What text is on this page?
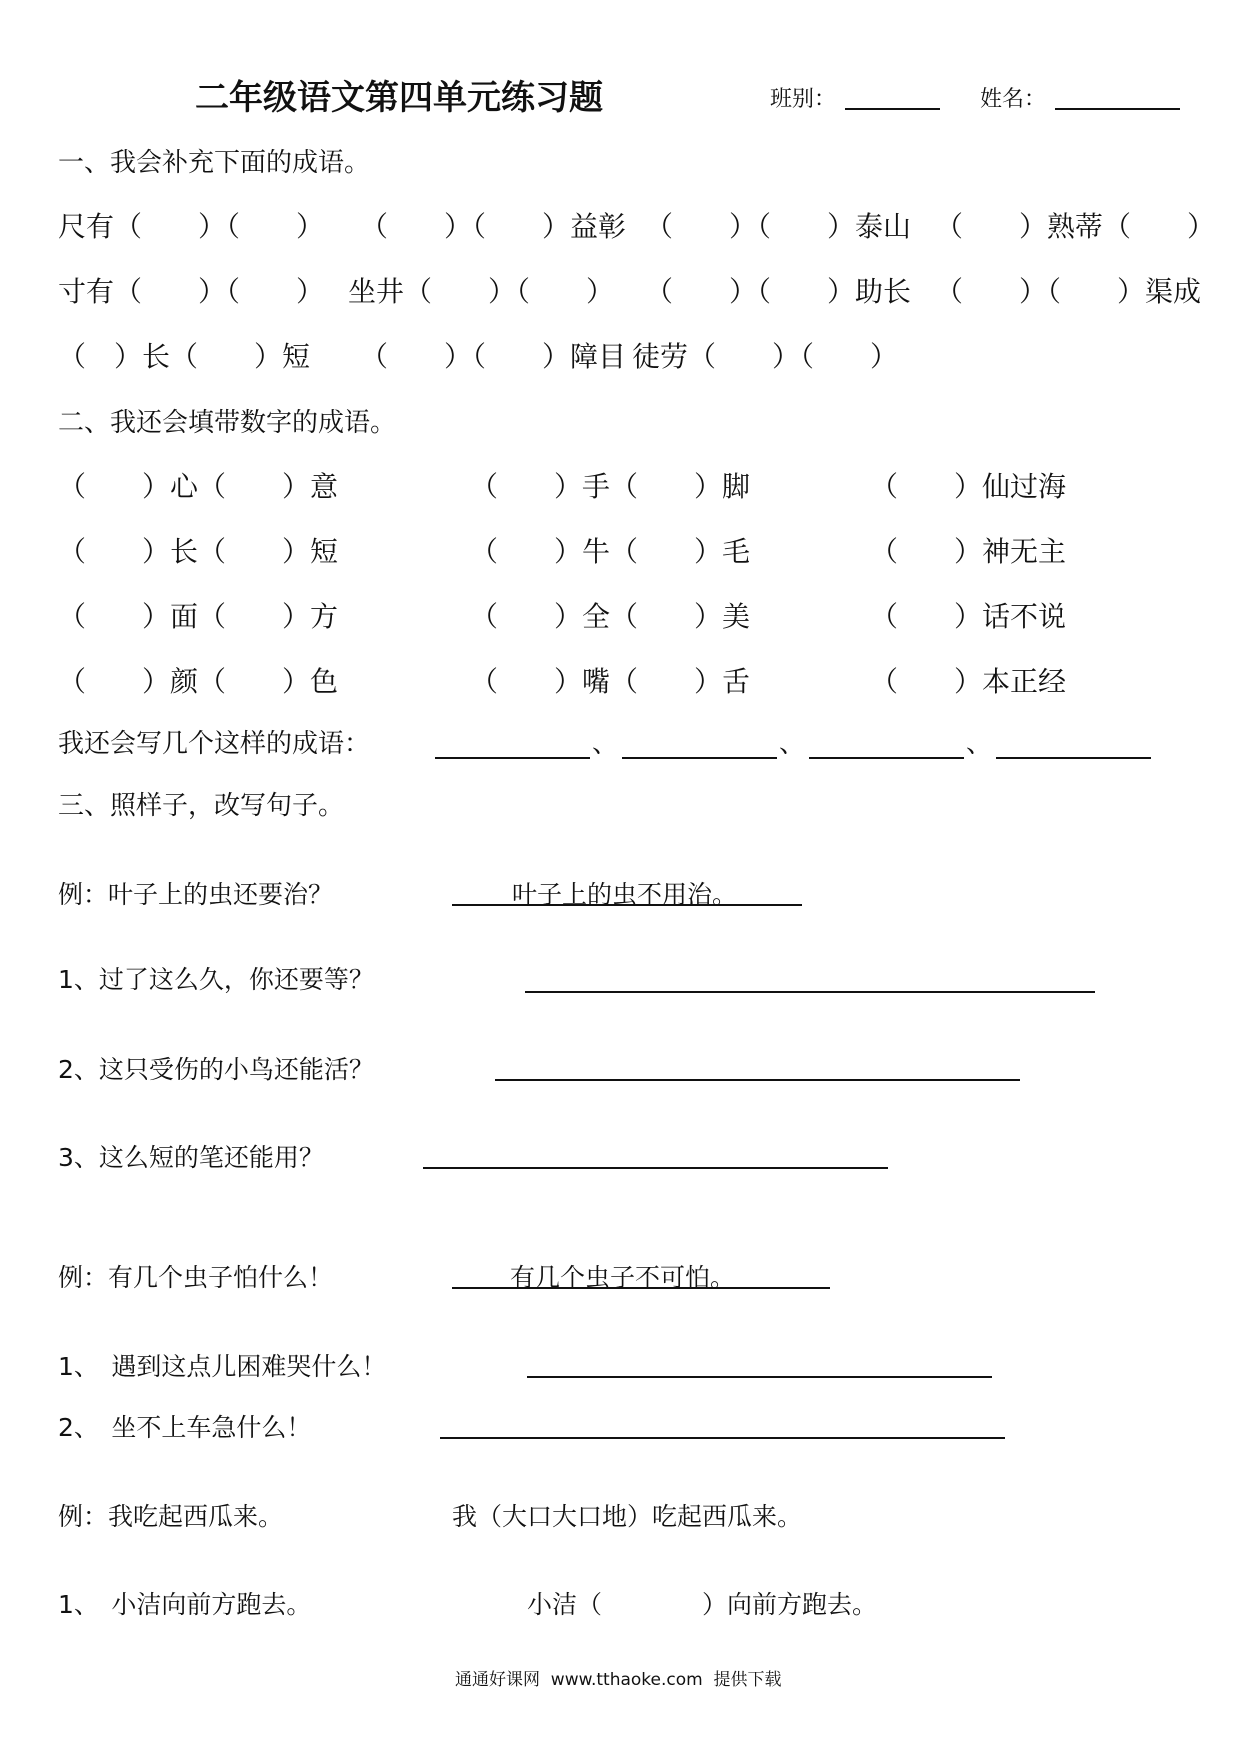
二年级语文第四单元练习题	班别：	姓名：
一、我会补充下面的成语。
尺有（　　）（　　） （　　）（　　）益彰 （　　）（　　）泰山 （　　）熟蒂（　　）
寸有（　　）（　　） 坐井（　　）（　　） （　　）（　　）助长 （　　）（　　）渠成
（　）长（　　）短 （　　）（　　）障目 徒劳（　　）（　　）
二、我还会填带数字的成语。
（　　）心（　　）意	（　　）手（　　）脚	（　　）仙过海
（　　）长（　　）短	（　　）牛（　　）毛	（　　）神无主
（　　）面（　　）方	（　　）全（　　）美	（　　）话不说
（　　）颜（　　）色	（　　）嘴（　　）舌	（　　）本正经
我还会写几个这样的成语：	、	、	、
三、照样子，改写句子。
例：叶子上的虫还要治？	叶子上的虫不用治。
1、过了这么久，你还要等？
2、这只受伤的小鸟还能活？
3、这么短的笔还能用？
例：有几个虫子怕什么！	有几个虫子不可怕。
1、　遇到这点儿困难哭什么！
2、　坐不上车急什么！
例：我吃起西瓜来。	我（大口大口地）吃起西瓜来。
1、　小洁向前方跑去。	小洁（　　　　）向前方跑去。
通通好课网  www.tthaoke.com  提供下载
